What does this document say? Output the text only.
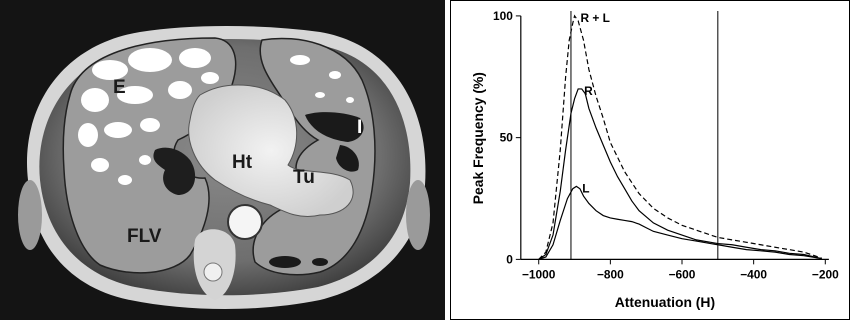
E
Ht
Tu
I
FLV
−1000	−800	−600	−400	−200
0
50
100	R + L
R
L
Attenuation (H)
Peak Frequency (%)
